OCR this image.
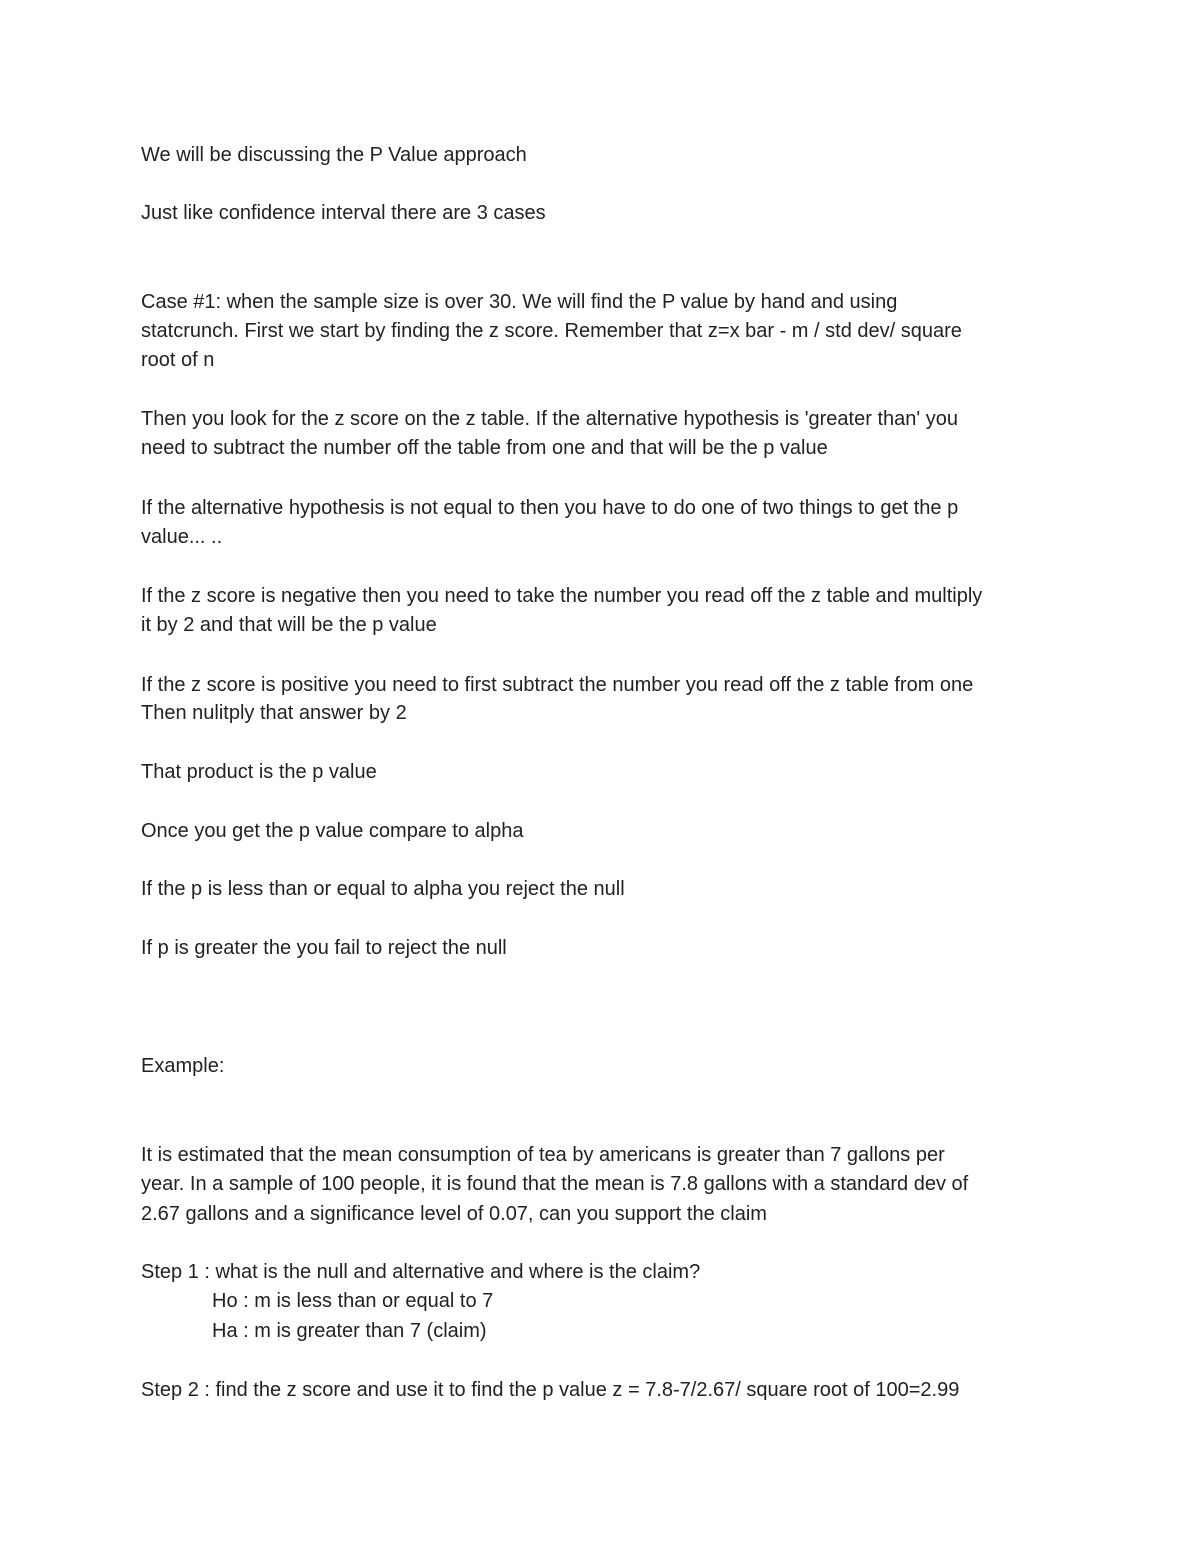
We will be discussing the P Value approach
Just like confidence interval there are 3 cases
Case #1: when the sample size is over 30. We will find the P value by hand and using
statcrunch. First we start by finding the z score. Remember that z=x bar - m / std dev/ square
root of n
Then you look for the z score on the z table. If the alternative hypothesis is 'greater than' you
need to subtract the number off the table from one and that will be the p value
If the alternative hypothesis is not equal to then you have to do one of two things to get the p
value... ..
If the z score is negative then you need to take the number you read off the z table and multiply
it by 2 and that will be the p value
If the z score is positive you need to first subtract the number you read off the z table from one
Then nulitply that answer by 2
That product is the p value
Once you get the p value compare to alpha
If the p is less than or equal to alpha you reject the null
If p is greater the you fail to reject the null
Example:
It is estimated that the mean consumption of tea by americans is greater than 7 gallons per
year. In a sample of 100 people, it is found that the mean is 7.8 gallons with a standard dev of
2.67 gallons and a significance level of 0.07, can you support the claim
Step 1 : what is the null and alternative and where is the claim?
Ho : m is less than or equal to 7
Ha : m is greater than 7 (claim)
Step 2 : find the z score and use it to find the p value z = 7.8-7/2.67/ square root of 100=2.99
